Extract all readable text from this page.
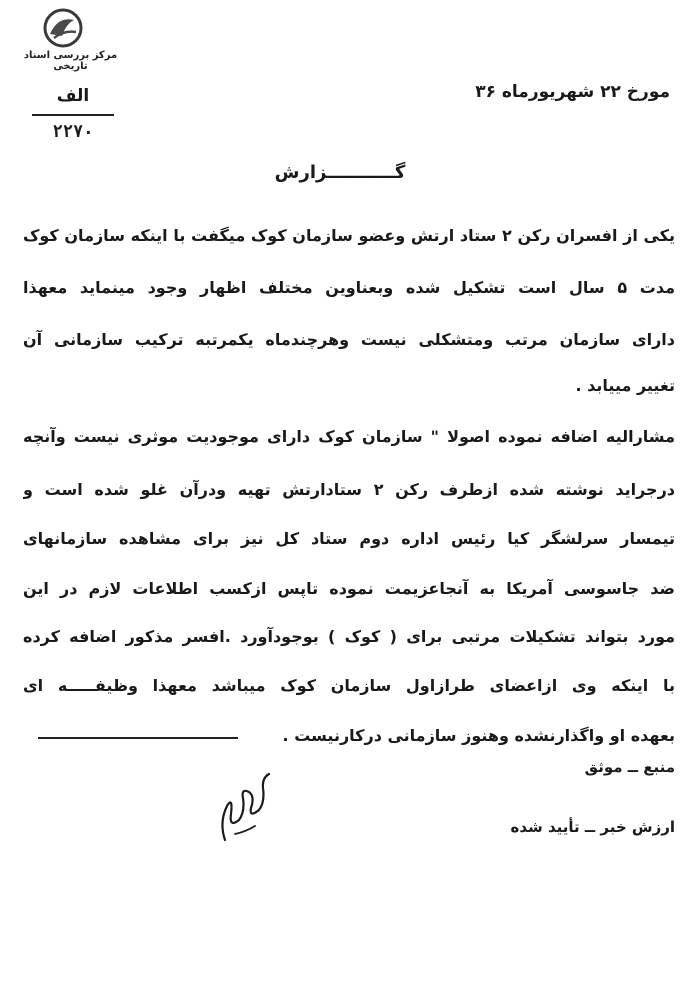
مرکز بررسی اسناد تاریخی
مورخ ۲۲ شهریورماه ۳۶
الف
۲۲۷۰
گـــــــــــزارش
یکی از افسران رکن ۲ ستاد ارتش وعضو سازمان کوک میگفت با اینکه سازمان کوک
مدت ۵ سال است تشکیل شده وبعناوین مختلف اظهار وجود مینماید معهذا
دارای سازمان مرتب ومتشکلی نیست وهرچندماه یکمرتبه ترکیب سازمانی آن
تغییر مییابد .
مشارالیه اضافه نموده اصولا " سازمان کوک دارای موجودیت موثری نیست وآنچه
درجراید نوشته شده ازطرف رکن ۲ ستادارتش تهیه ودرآن غلو شده است و
تیمسار سرلشگر کیا رئیس اداره دوم ستاد کل نیز برای مشاهده سازمانهای
ضد جاسوسی آمریکا به آنجاعزیمت نموده تاپس ازکسب اطلاعات لازم در این
مورد بتواند تشکیلات مرتبی برای ( کوک ) بوجودآورد .افسر مذکور اضافه کرده
با اینکه وی ازاعضای طرازاول سازمان کوک میباشد معهذا وظیفـــــه ای
بعهده او واگذارنشده وهنوز سازمانی درکارنیست .
منبع ــ موثق
ارزش خبر ــ تأیید شده
